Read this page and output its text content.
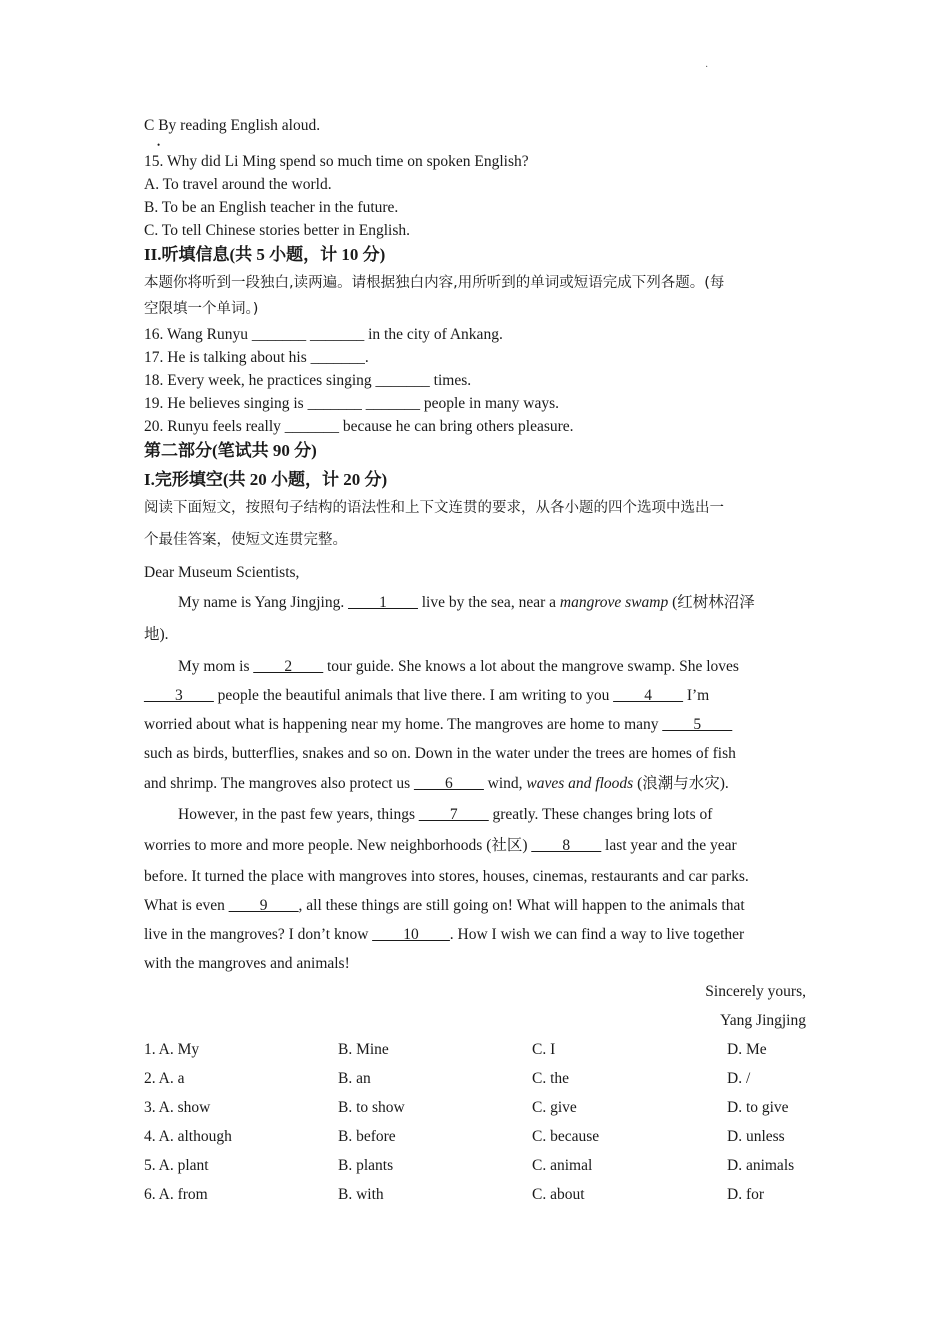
·
C By reading English aloud.
•
15. Why did Li Ming spend so much time on spoken English?
A. To travel around the world.
B. To be an English teacher in the future.
C. To tell Chinese stories better in English.
II.听填信息(共 5 小题，计 10 分)
本题你将听到一段独白,读两遍。请根据独白内容,用所听到的单词或短语完成下列各题。(每
空限填一个单词。)
16. Wang Runyu _______ _______ in the city of Ankang.
17. He is talking about his _______.
18. Every week, he practices singing _______ times.
19. He believes singing is _______ _______ people in many ways.
20. Runyu feels really _______ because he can bring others pleasure.
第二部分(笔试共 90 分)
I.完形填空(共 20 小题，计 20 分)
阅读下面短文，按照句子结构的语法性和上下文连贯的要求，从各小题的四个选项中选出一
个最佳答案，使短文连贯完整。
Dear Museum Scientists,
My name is Yang Jingjing. ____1____ live by the sea, near a mangrove swamp (红树林沼泽
地).
My mom is ____2____ tour guide. She knows a lot about the mangrove swamp. She loves
____3____ people the beautiful animals that live there. I am writing to you ____4____ I’m
worried about what is happening near my home. The mangroves are home to many ____5____
such as birds, butterflies, snakes and so on. Down in the water under the trees are homes of fish
and shrimp. The mangroves also protect us ____6____ wind, waves and floods (浪潮与水灾).
However, in the past few years, things ____7____ greatly. These changes bring lots of
worries to more and more people. New neighborhoods (社区) ____8____ last year and the year
before. It turned the place with mangroves into stores, houses, cinemas, restaurants and car parks.
What is even ____9____, all these things are still going on! What will happen to the animals that
live in the mangroves? I don’t know ____10____. How I wish we can find a way to live together
with the mangroves and animals!
Sincerely yours,
Yang Jingjing
1. A. My	B. Mine	C. I	D. Me
2. A. a	B. an	C. the	D. /
3. A. show	B. to show	C. give	D. to give
4. A. although	B. before	C. because	D. unless
5. A. plant	B. plants	C. animal	D. animals
6. A. from	B. with	C. about	D. for
